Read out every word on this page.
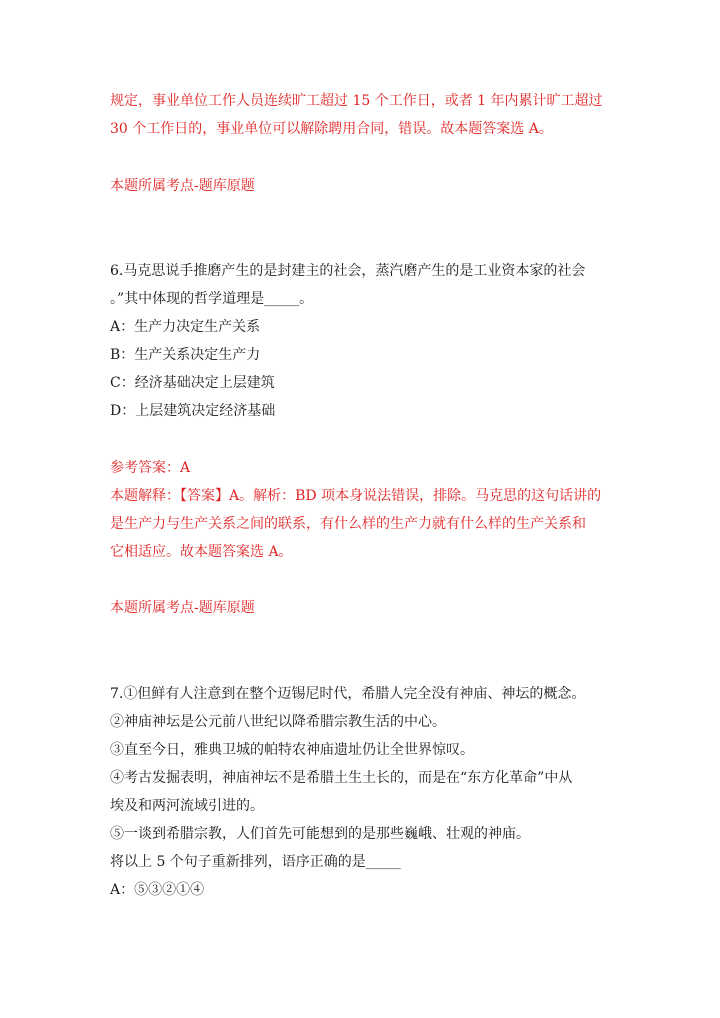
规定，事业单位工作人员连续旷工超过 15 个工作日，或者 1 年内累计旷工超过
30 个工作日的，事业单位可以解除聘用合同，错误。故本题答案选 A。
本题所属考点-题库原题
6.马克思说手推磨产生的是封建主的社会，蒸汽磨产生的是工业资本家的社会
。”其中体现的哲学道理是_____。
A：生产力决定生产关系
B：生产关系决定生产力
C：经济基础决定上层建筑
D：上层建筑决定经济基础
参考答案：A
本题解释：【答案】A。解析：BD 项本身说法错误，排除。马克思的这句话讲的
是生产力与生产关系之间的联系，有什么样的生产力就有什么样的生产关系和
它相适应。故本题答案选 A。
本题所属考点-题库原题
7.①但鲜有人注意到在整个迈锡尼时代，希腊人完全没有神庙、神坛的概念。
②神庙神坛是公元前八世纪以降希腊宗教生活的中心。
③直至今日，雅典卫城的帕特农神庙遗址仍让全世界惊叹。
④考古发掘表明，神庙神坛不是希腊土生土长的，而是在“东方化革命”中从
埃及和两河流域引进的。
⑤一谈到希腊宗教，人们首先可能想到的是那些巍峨、壮观的神庙。
将以上 5 个句子重新排列，语序正确的是_____
A：⑤③②①④
